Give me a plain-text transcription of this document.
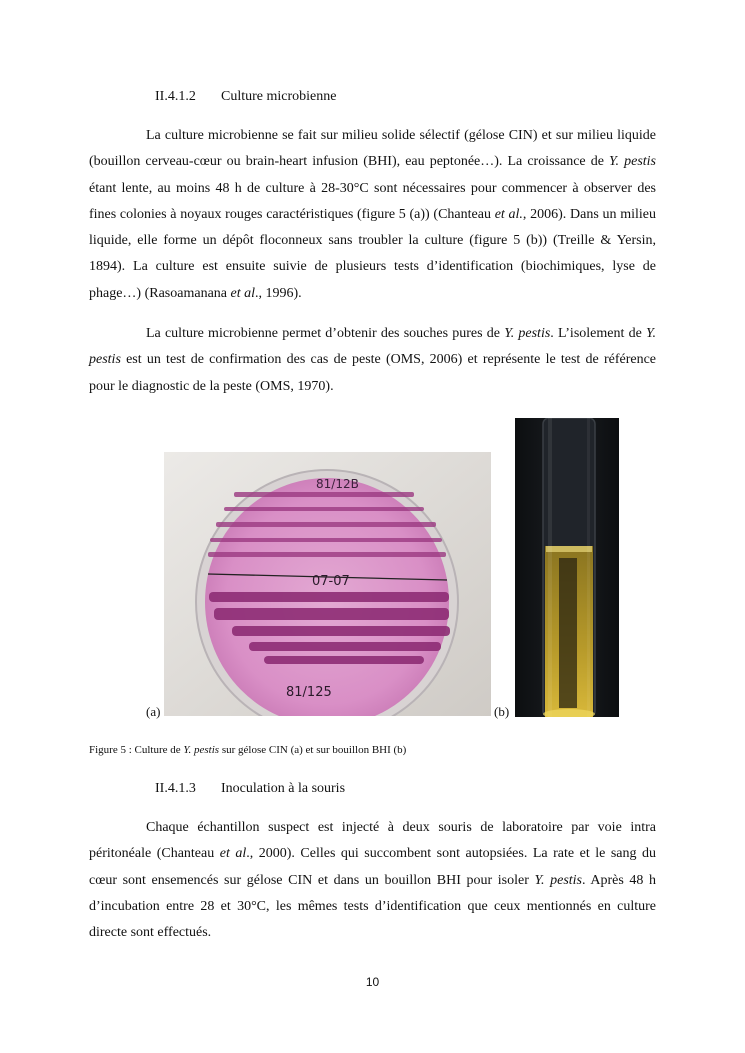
II.4.1.2 Culture microbienne

La culture microbienne se fait sur milieu solide sélectif (gélose CIN) et sur milieu liquide (bouillon cerveau-cœur ou brain-heart infusion (BHI), eau peptonée…). La croissance de Y. pestis étant lente, au moins 48 h de culture à 28-30°C sont nécessaires pour commencer à observer des fines colonies à noyaux rouges caractéristiques (figure 5 (a)) (Chanteau et al., 2006). Dans un milieu liquide, elle forme un dépôt floconneux sans troubler la culture (figure 5 (b)) (Treille & Yersin, 1894). La culture est ensuite suivie de plusieurs tests d’identification (biochimiques, lyse de phage…) (Rasoamanana et al., 1996).

La culture microbienne permet d’obtenir des souches pures de Y. pestis. L’isolement de Y. pestis est un test de confirmation des cas de peste (OMS, 2006) et représente le test de référence pour le diagnostic de la peste (OMS, 1970).

81/12B
07-07
81/125
(a)	(b)
Figure 5 : Culture de Y. pestis sur gélose CIN (a) et sur bouillon BHI (b)
II.4.1.3 Inoculation à la souris

Chaque échantillon suspect est injecté à deux souris de laboratoire par voie intra péritonéale (Chanteau et al., 2000). Celles qui succombent sont autopsiées. La rate et le sang du cœur sont ensemencés sur gélose CIN et dans un bouillon BHI pour isoler Y. pestis. Après 48 h d’incubation entre 28 et 30°C, les mêmes tests d’identification que ceux mentionnés en culture directe sont effectués.

10
